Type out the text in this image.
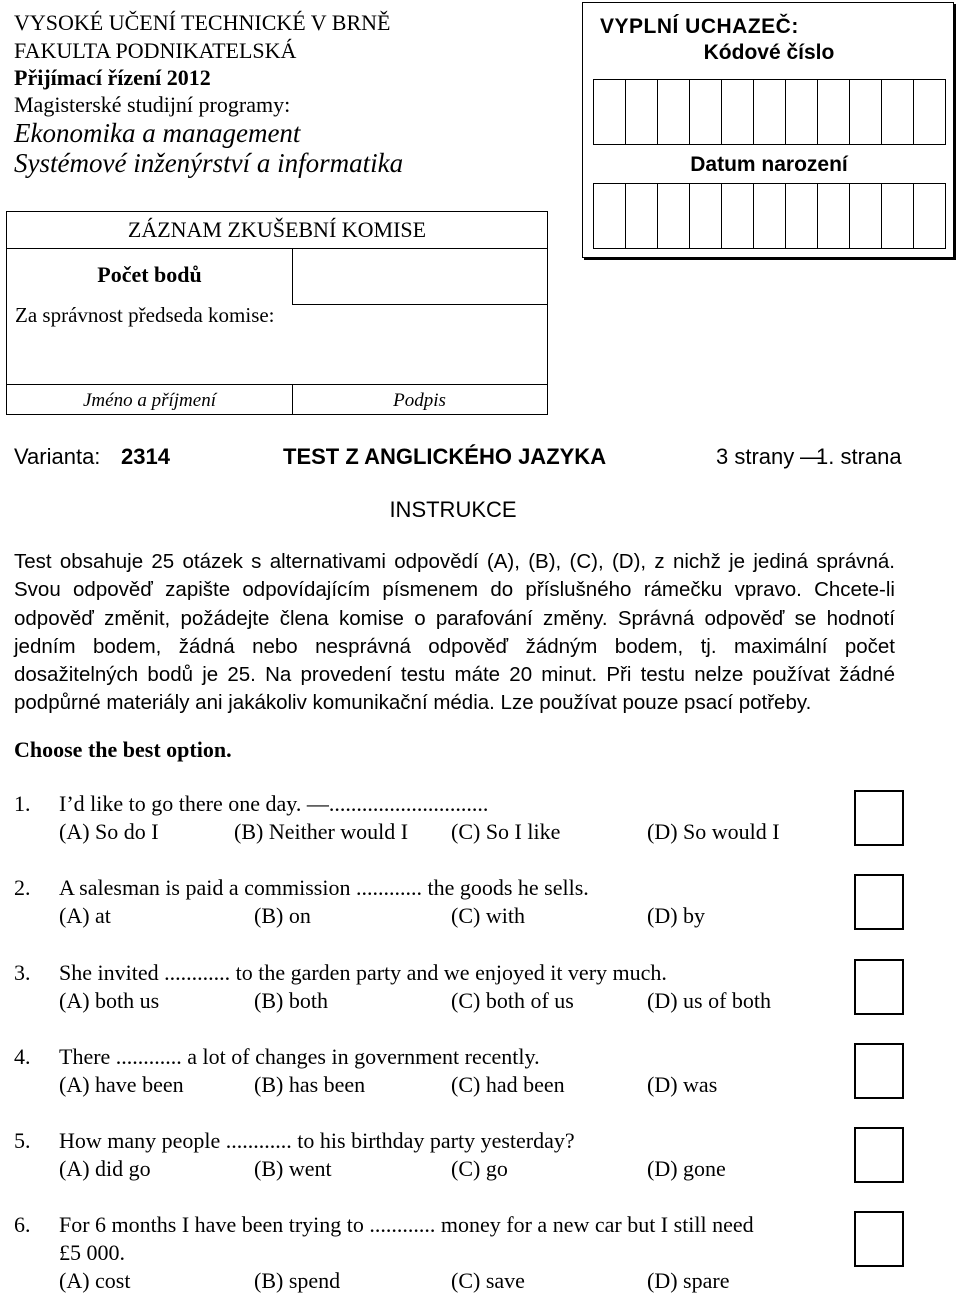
VYSOKÉ UČENÍ TECHNICKÉ V BRNĚ
FAKULTA PODNIKATELSKÁ
Přijímací řízení 2012
Magisterské studijní programy:
Ekonomika a management
Systémové inženýrství a informatika
VYPLNÍ UCHAZEČ:
Kódové číslo
Datum narození
ZÁZNAM ZKUŠEBNÍ KOMISE
Počet bodů
Za správnost předseda komise:
Jméno a příjmení	Podpis
Varianta: 2314	TEST Z ANGLICKÉHO JAZYKA	3 strany —
1. strana
INSTRUKCE
Test obsahuje 25 otázek s alternativami odpovědí (A), (B), (C), (D), z nichž je jediná správná. Svou odpověď zapište odpovídajícím písmenem do příslušného rámečku vpravo. Chcete-li odpověď změnit, požádejte člena komise o parafování změny. Správná odpověď se hodnotí jedním bodem, žádná nebo nesprávná odpověď žádným bodem, tj. maximální počet dosažitelných bodů je 25. Na provedení testu máte 20 minut. Při testu nelze používat žádné podpůrné materiály ani jakákoliv komunikační média. Lze používat pouze psací potřeby.
Choose the best option.
1. I’d like to go there one day. —.............................
(A) So do I	(B) Neither would I (C) So I like	(D) So would I
2. A salesman is paid a commission ............ the goods he sells.
(A) at	(B) on	(C) with	(D) by
3. She invited ............ to the garden party and we enjoyed it very much.
(A) both us	(B) both	(C) both of us	(D) us of both
4. There ............ a lot of changes in government recently.
(A) have been	(B) has been	(C) had been	(D) was
5. How many people ............ to his birthday party yesterday?
(A) did go	(B) went	(C) go	(D) gone
6. For 6 months I have been trying to ............ money for a new car but I still need £5 000.
(A) cost	(B) spend	(C) save	(D) spare
